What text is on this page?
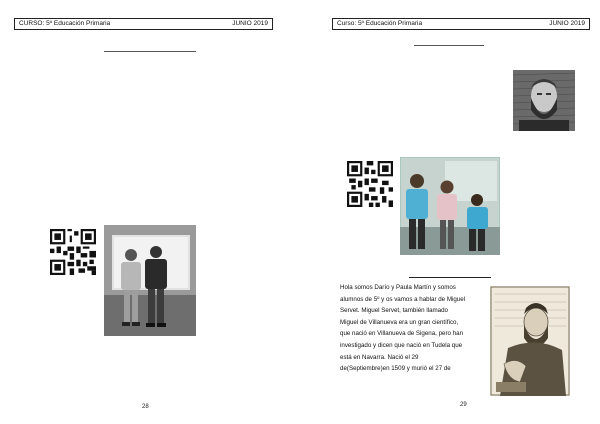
CURSO: 5º Educación Primaria	JUNIO 2019
28
Curso: 5º Educación Primaria	JUNIO 2019
29

Hola somos Darío y Paula Martín y somos
alumnos de 5º y os vamos a hablar de Miguel
Servet. Miguel Servet, también llamado
Miguel de Villanueva era un gran científico,
que nació en Villanueva de Sigena, pero han
investigado y dicen que nació en Tudela que
está en Navarra. Nació el 29
de(Septiembre)en 1509 y murió el 27 de
